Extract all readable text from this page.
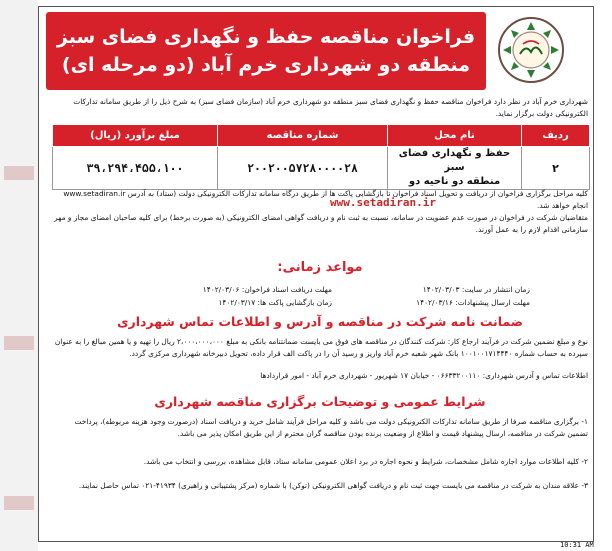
فراخوان مناقصه حفظ و نگهداری فضای سبز
منطقه دو شهرداری خرم آباد (دو مرحله ای)
شهرداری خرم آباد در نظر دارد فراخوان مناقصه حفظ و نگهداری فضای سبز منطقه دو شهرداری خرم آباد (سازمان فضای سبز) به شرح ذیل را از طریق سامانه تدارکات الکترونیکی دولت برگزار نماید.
ردیف	نام محل	شماره مناقصه	مبلغ برآورد (ریال)
۲	حفظ و نگهداری فضای سبز
منطقه دو ناحیه دو	۲۰۰۲۰۰۵۷۲۸۰۰۰۰۲۸	۳۹،۲۹۴،۴۵۵،۱۰۰
کلیه مراحل برگزاری فراخوان از دریافت و تحویل اسناد فراخوان تا بازگشایی پاکت ها از طریق درگاه سامانه تدارکات الکترونیکی دولت (ستاد) به آدرس www.setadiran.ir انجام خواهد شد.
www.setadiran.ir
متقاضیان شرکت در فراخوان در صورت عدم عضویت در سامانه، نسبت به ثبت نام و دریافت گواهی امضای الکترونیکی (به صورت برخط) برای کلیه صاحبان امضای مجاز و مهر سازمانی اقدام لازم را به عمل آورند.
مواعد زمانی:
زمان انتشار در سایت: ۱۴۰۲/۰۳/۰۳
مهلت دریافت اسناد فراخوان: ۱۴۰۲/۰۳/۰۶
مهلت ارسال پیشنهادات: ۱۴۰۲/۰۳/۱۶
زمان بازگشایی پاکت ها: ۱۴۰۲/۰۳/۱۷
ضمانت نامه شرکت در مناقصه و آدرس و اطلاعات تماس شهرداری
نوع و مبلغ تضمین شرکت در فرآیند ارجاع کار: شرکت کنندگان در مناقصه های فوق می بایست ضمانتنامه بانکی به مبلغ ۲،۰۰۰،۰۰۰،۰۰۰ ریال را تهیه و یا همین مبالغ را به عنوان سپرده به حساب شماره ۱۰۰۱۰۰۱۷۱۴۴۴۰ بانک شهر شعبه خرم آباد واریز و رسید آن را در پاکت الف قرار داده، تحویل دبیرخانه شهرداری مرکزی گردد.
اطلاعات تماس و آدرس شهرداری: ۰۶۶۳۳۲۰۰۱۱۰ - خیابان ۱۷ شهریور - شهرداری خرم آباد - امور قراردادها
شرایط عمومی و توضیحات برگزاری مناقصه شهرداری
۱- برگزاری مناقصه صرفا از طریق سامانه تدارکات الکترونیکی دولت می باشد و کلیه مراحل فرآیند شامل خرید و دریافت اسناد (درصورت وجود هزینه مربوطه)، پرداخت تضمین شرکت در مناقصه، ارسال پیشنهاد قیمت و اطلاع از وضعیت برنده بودن مناقصه گران محترم از این طریق امکان پذیر می باشد.
۲- کلیه اطلاعات موارد اجاره شامل مشخصات، شرایط و نحوه اجاره در برد اعلان عمومی سامانه ستاد، قابل مشاهده، بررسی و انتخاب می باشد.
۳- علاقه مندان به شرکت در مناقصه می بایست جهت ثبت نام و دریافت گواهی الکترونیکی (توکن) با شماره (مرکز پشتیبانی و راهبری) ۴۱۹۳۴-۰۲۱ تماس حاصل نمایند.
10:31 AM
